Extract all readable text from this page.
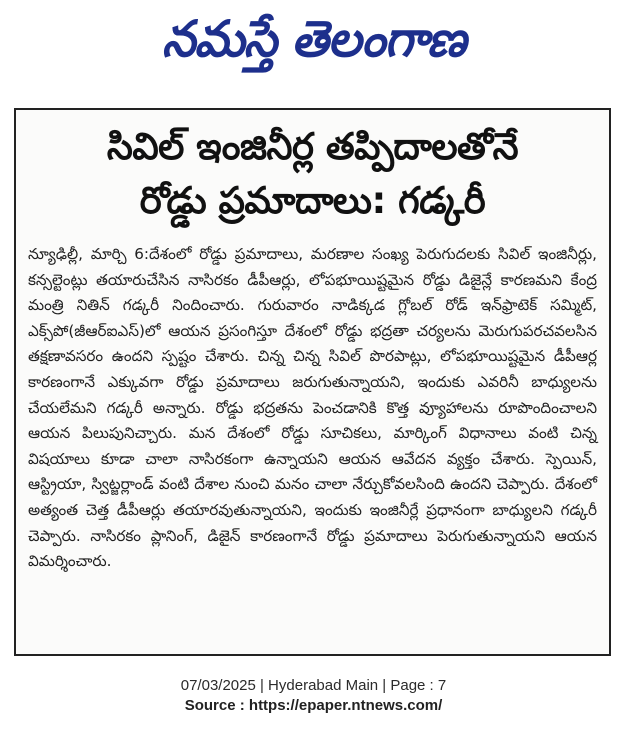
నమస్తే తెలంగాణ
సివిల్ ఇంజినీర్ల తప్పిదాలతోనే
రోడ్డు ప్రమాదాలు: గడ్కరీ

న్యూఢిల్లీ, మార్చి 6:దేశంలో రోడ్డు ప్రమాదాలు, మరణాల సంఖ్య పెరుగుదలకు సివిల్ ఇంజినీర్లు, కన్సల్టెంట్లు తయారుచేసిన నాసిరకం డీపీఆర్లు, లోపభూయిష్టమైన రోడ్డు డిజైన్లే కారణమని కేంద్ర మంత్రి నితిన్ గడ్కరీ నిందించారు. గురువారం నాడిక్కడ గ్లోబల్ రోడ్ ఇన్‌ఫ్రాటెక్ సమ్మిట్, ఎక్స్‌పో(జీఆర్ఐఎస్)లో ఆయన ప్రసంగిస్తూ దేశంలో రోడ్డు భద్రతా చర్యలను మెరుగుపరచవలసిన తక్షణావసరం ఉందని స్పష్టం చేశారు. చిన్న చిన్న సివిల్ పొరపాట్లు, లోపభూయిష్టమైన డీపీఆర్ల కారణంగానే ఎక్కువగా రోడ్డు ప్రమాదాలు జరుగుతున్నాయని, ఇందుకు ఎవరినీ బాధ్యులను చేయలేమని గడ్కరీ అన్నారు. రోడ్డు భద్రతను పెంచడానికి కొత్త వ్యూహాలను రూపొందించాలని ఆయన పిలుపునిచ్చారు. మన దేశంలో రోడ్డు సూచికలు, మార్కింగ్ విధానాలు వంటి చిన్న విషయాలు కూడా చాలా నాసిరకంగా ఉన్నాయని ఆయన ఆవేదన వ్యక్తం చేశారు. స్పెయిన్, ఆస్ట్రియా, స్విట్జర్లాండ్ వంటి దేశాల నుంచి మనం చాలా నేర్చుకోవలసింది ఉందని చెప్పారు. దేశంలో అత్యంత చెత్త డీపీఆర్లు తయారవుతున్నాయని, ఇందుకు ఇంజినీర్లే ప్రధానంగా బాధ్యులని గడ్కరీ చెప్పారు. నాసిరకం ప్లానింగ్, డిజైన్ కారణంగానే రోడ్డు ప్రమాదాలు పెరుగుతున్నాయని ఆయన విమర్శించారు.

07/03/2025 | Hyderabad Main | Page : 7
Source : https://epaper.ntnews.com/
